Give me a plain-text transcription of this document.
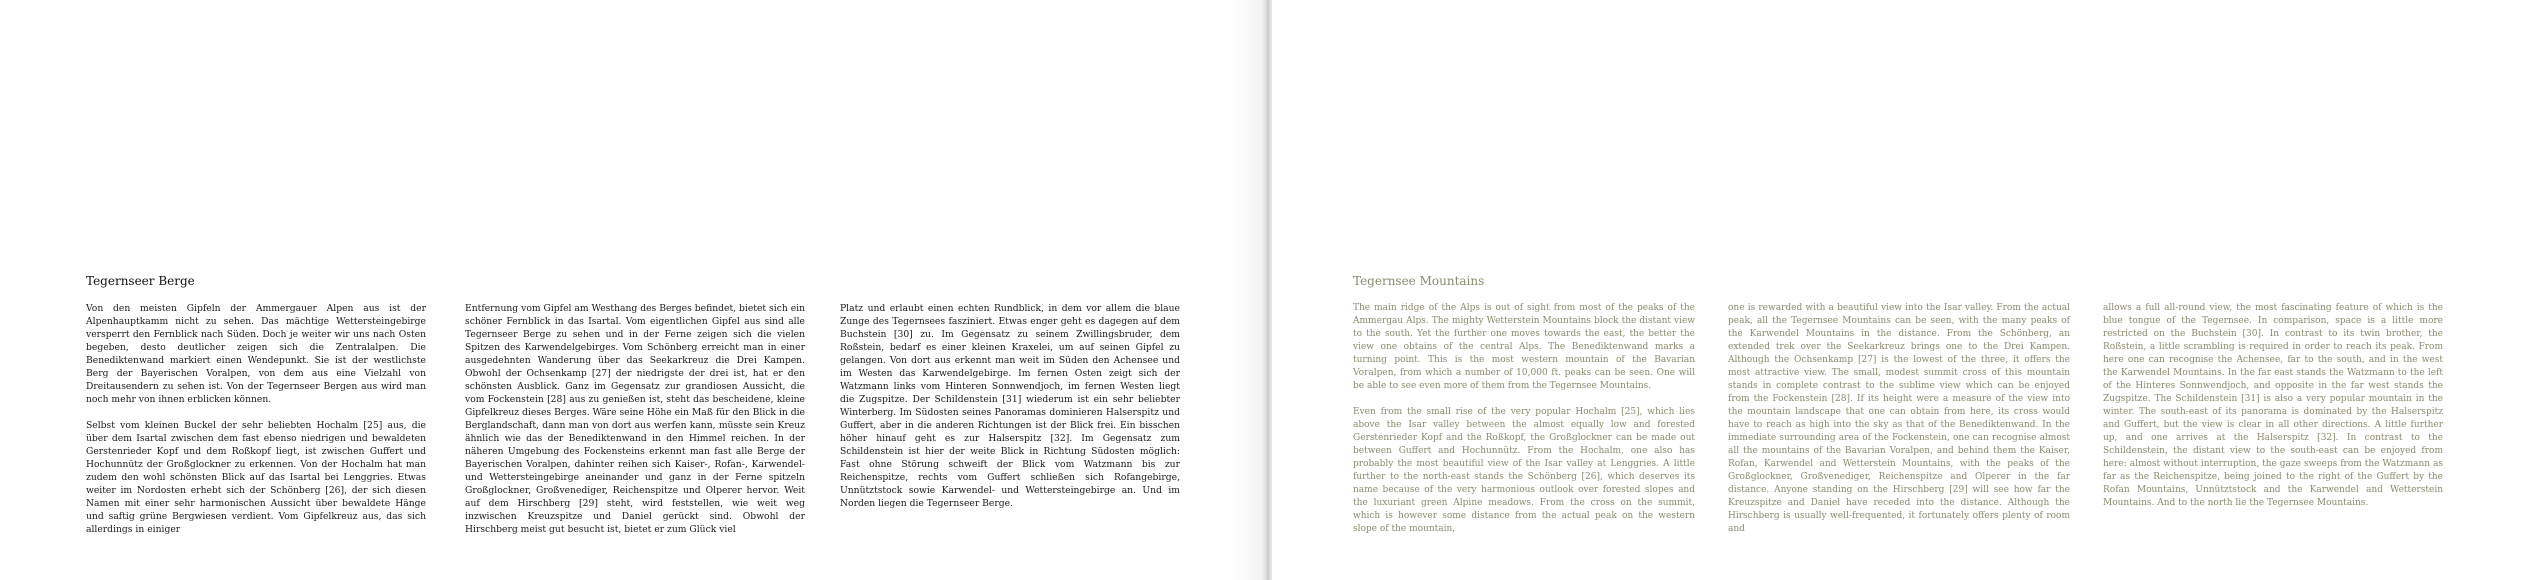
Tegernseer Berge

Von den meisten Gipfeln der Ammergauer Alpen aus ist der Alpenhauptkamm nicht zu sehen. Das mächtige Wettersteingebirge versperrt den Fernblick nach Süden. Doch je weiter wir uns nach Osten begeben, desto deutlicher zeigen sich die Zentralalpen. Die Benediktenwand markiert einen Wendepunkt. Sie ist der westlichste Berg der Bayerischen Voralpen, von dem aus eine Vielzahl von Dreitausendern zu sehen ist. Von der Tegernseer Bergen aus wird man noch mehr von ihnen erblicken können.

Selbst vom kleinen Buckel der sehr beliebten Hochalm [25] aus, die über dem Isartal zwischen dem fast ebenso niedrigen und bewaldeten Gerstenrieder Kopf und dem Roßkopf liegt, ist zwischen Guffert und Hochunnütz der Großglockner zu erkennen. Von der Hochalm hat man zudem den wohl schönsten Blick auf das Isartal bei Lenggries. Etwas weiter im Nordosten erhebt sich der Schönberg [26], der sich diesen Namen mit einer sehr harmonischen Aussicht über bewaldete Hänge und saftig grüne Bergwiesen verdient. Vom Gipfelkreuz aus, das sich allerdings in einiger

Entfernung vom Gipfel am Westhang des Berges befindet, bietet sich ein schöner Fernblick in das Isartal. Vom eigentlichen Gipfel aus sind alle Tegernseer Berge zu sehen und in der Ferne zeigen sich die vielen Spitzen des Karwendelgebirges. Vom Schönberg erreicht man in einer ausgedehnten Wanderung über das Seekarkreuz die Drei Kampen. Obwohl der Ochsenkamp [27] der niedrigste der drei ist, hat er den schönsten Ausblick. Ganz im Gegensatz zur grandiosen Aussicht, die vom Fockenstein [28] aus zu genießen ist, steht das bescheidene, kleine Gipfelkreuz dieses Berges. Wäre seine Höhe ein Maß für den Blick in die Berglandschaft, dann man von dort aus werfen kann, müsste sein Kreuz ähnlich wie das der Benediktenwand in den Himmel reichen. In der näheren Umgebung des Fockensteins erkennt man fast alle Berge der Bayerischen Voralpen, dahinter reihen sich Kaiser-, Rofan-, Karwendel- und Wettersteingebirge aneinander und ganz in der Ferne spitzeln Großglockner, Großvenediger, Reichenspitze und Olperer hervor. Weit auf dem Hirschberg [29] steht, wird feststellen, wie weit weg inzwischen Kreuzspitze und Daniel gerückt sind. Obwohl der Hirschberg meist gut besucht ist, bietet er zum Glück viel

Platz und erlaubt einen echten Rundblick, in dem vor allem die blaue Zunge des Tegernsees fasziniert. Etwas enger geht es dagegen auf dem Buchstein [30] zu. Im Gegensatz zu seinem Zwillingsbruder, dem Roßstein, bedarf es einer kleinen Kraxelei, um auf seinen Gipfel zu gelangen. Von dort aus erkennt man weit im Süden den Achensee und im Westen das Karwendelgebirge. Im fernen Osten zeigt sich der Watzmann links vom Hinteren Sonnwendjoch, im fernen Westen liegt die Zugspitze. Der Schildenstein [31] wiederum ist ein sehr beliebter Winterberg. Im Südosten seines Panoramas dominieren Halserspitz und Guffert, aber in die anderen Richtungen ist der Blick frei. Ein bisschen höher hinauf geht es zur Halserspitz [32]. Im Gegensatz zum Schildenstein ist hier der weite Blick in Richtung Südosten möglich: Fast ohne Störung schweift der Blick vom Watzmann bis zur Reichenspitze, rechts vom Guffert schließen sich Rofangebirge, Unnütztstock sowie Karwendel- und Wettersteingebirge an. Und im Norden liegen die Tegernseer Berge.

Tegernsee Mountains

The main ridge of the Alps is out of sight from most of the peaks of the Ammergau Alps. The mighty Wetterstein Mountains block the distant view to the south. Yet the further one moves towards the east, the better the view one obtains of the central Alps. The Benediktenwand marks a turning point. This is the most western mountain of the Bavarian Voralpen, from which a number of 10,000 ft. peaks can be seen. One will be able to see even more of them from the Tegernsee Mountains.

Even from the small rise of the very popular Hochalm [25], which lies above the Isar valley between the almost equally low and forested Gerstenrieder Kopf and the Roßkopf, the Großglockner can be made out between Guffert and Hochunnütz. From the Hochalm, one also has probably the most beautiful view of the Isar valley at Lenggries. A little further to the north-east stands the Schönberg [26], which deserves its name because of the very harmonious outlook over forested slopes and the luxuriant green Alpine meadows. From the cross on the summit, which is however some distance from the actual peak on the western slope of the mountain,

one is rewarded with a beautiful view into the Isar valley. From the actual peak, all the Tegernsee Mountains can be seen, with the many peaks of the Karwendel Mountains in the distance. From the Schönberg, an extended trek over the Seekarkreuz brings one to the Drei Kampen. Although the Ochsenkamp [27] is the lowest of the three, it offers the most attractive view. The small, modest summit cross of this mountain stands in complete contrast to the sublime view which can be enjoyed from the Fockenstein [28]. If its height were a measure of the view into the mountain landscape that one can obtain from here, its cross would have to reach as high into the sky as that of the Benediktenwand. In the immediate surrounding area of the Fockenstein, one can recognise almost all the mountains of the Bavarian Voralpen, and behind them the Kaiser, Rofan, Karwendel and Wetterstein Mountains, with the peaks of the Großglockner, Großvenediger, Reichenspitze and Olperer in the far distance. Anyone standing on the Hirschberg [29] will see how far the Kreuzspitze and Daniel have receded into the distance. Although the Hirschberg is usually well-frequented, it fortunately offers plenty of room and

allows a full all-round view, the most fascinating feature of which is the blue tongue of the Tegernsee. In comparison, space is a little more restricted on the Buchstein [30]. In contrast to its twin brother, the Roßstein, a little scrambling is required in order to reach its peak. From here one can recognise the Achensee, far to the south, and in the west the Karwendel Mountains. In the far east stands the Watzmann to the left of the Hinteres Sonnwendjoch, and opposite in the far west stands the Zugspitze. The Schildenstein [31] is also a very popular mountain in the winter. The south-east of its panorama is dominated by the Halserspitz and Guffert, but the view is clear in all other directions. A little further up, and one arrives at the Halserspitz [32]. In contrast to the Schildenstein, the distant view to the south-east can be enjoyed from here: almost without interruption, the gaze sweeps from the Watzmann as far as the Reichenspitze, being joined to the right of the Guffert by the Rofan Mountains, Unnütztstock and the Karwendel and Wetterstein Mountains. And to the north lie the Tegernsee Mountains.
